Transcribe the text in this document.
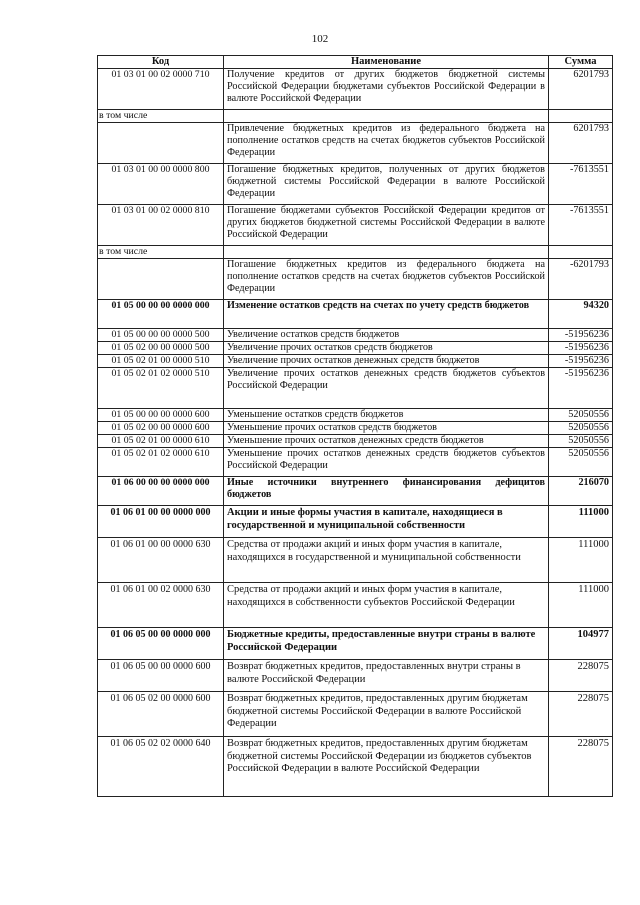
102
Код	Наименование	Сумма
01 03 01 00 02 0000 710	Получение кредитов от других бюджетов бюджетной системы Российской Федерации бюджетами субъектов Российской Федерации в валюте Российской Федерации	6201793
в том числе		
	Привлечение бюджетных кредитов из федерального бюджета на пополнение остатков средств на счетах бюджетов субъектов Российской Федерации	6201793
01 03 01 00 00 0000 800	Погашение бюджетных кредитов, полученных от других бюджетов бюджетной системы Российской Федерации в валюте Российской Федерации	-7613551
01 03 01 00 02 0000 810	Погашение бюджетами субъектов Российской Федерации кредитов от других бюджетов бюджетной системы Российской Федерации в валюте Российской Федерации	-7613551
в том числе		
	Погашение бюджетных кредитов из федерального бюджета на пополнение остатков средств на счетах бюджетов субъектов Российской Федерации	-6201793
01 05 00 00 00 0000 000	Изменение остатков средств на счетах по учету средств бюджетов	94320
01 05 00 00 00 0000 500	Увеличение остатков средств бюджетов	-51956236
01 05 02 00 00 0000 500	Увеличение прочих остатков средств бюджетов	-51956236
01 05 02 01 00 0000 510	Увеличение прочих остатков денежных средств бюджетов	-51956236
01 05 02 01 02 0000 510	Увеличение прочих остатков денежных средств бюджетов субъектов Российской Федерации	-51956236
01 05 00 00 00 0000 600	Уменьшение остатков средств бюджетов	52050556
01 05 02 00 00 0000 600	Уменьшение прочих остатков средств бюджетов	52050556
01 05 02 01 00 0000 610	Уменьшение прочих остатков денежных средств бюджетов	52050556
01 05 02 01 02 0000 610	Уменьшение прочих остатков денежных средств бюджетов субъектов Российской Федерации	52050556
01 06 00 00 00 0000 000	Иные источники внутреннего финансирования дефицитов бюджетов	216070
01 06 01 00 00 0000 000	Акции и иные формы участия в капитале, находящиеся в государственной и муниципальной собственности	111000
01 06 01 00 00 0000 630	Средства от продажи акций и иных форм участия в капитале, находящихся в государственной и муниципальной собственности	111000
01 06 01 00 02 0000 630	Средства от продажи акций и иных форм участия в капитале, находящихся в собственности субъектов Российской Федерации	111000
01 06 05 00 00 0000 000	Бюджетные кредиты, предоставленные внутри страны в валюте Российской Федерации	104977
01 06 05 00 00 0000 600	Возврат бюджетных кредитов, предоставленных внутри страны в валюте Российской Федерации	228075
01 06 05 02 00 0000 600	Возврат бюджетных кредитов, предоставленных другим бюджетам бюджетной системы Российской Федерации в валюте Российской Федерации	228075
01 06 05 02 02 0000 640	Возврат бюджетных кредитов, предоставленных другим бюджетам бюджетной системы Российской Федерации из бюджетов субъектов Российской Федерации в валюте Российской Федерации	228075
